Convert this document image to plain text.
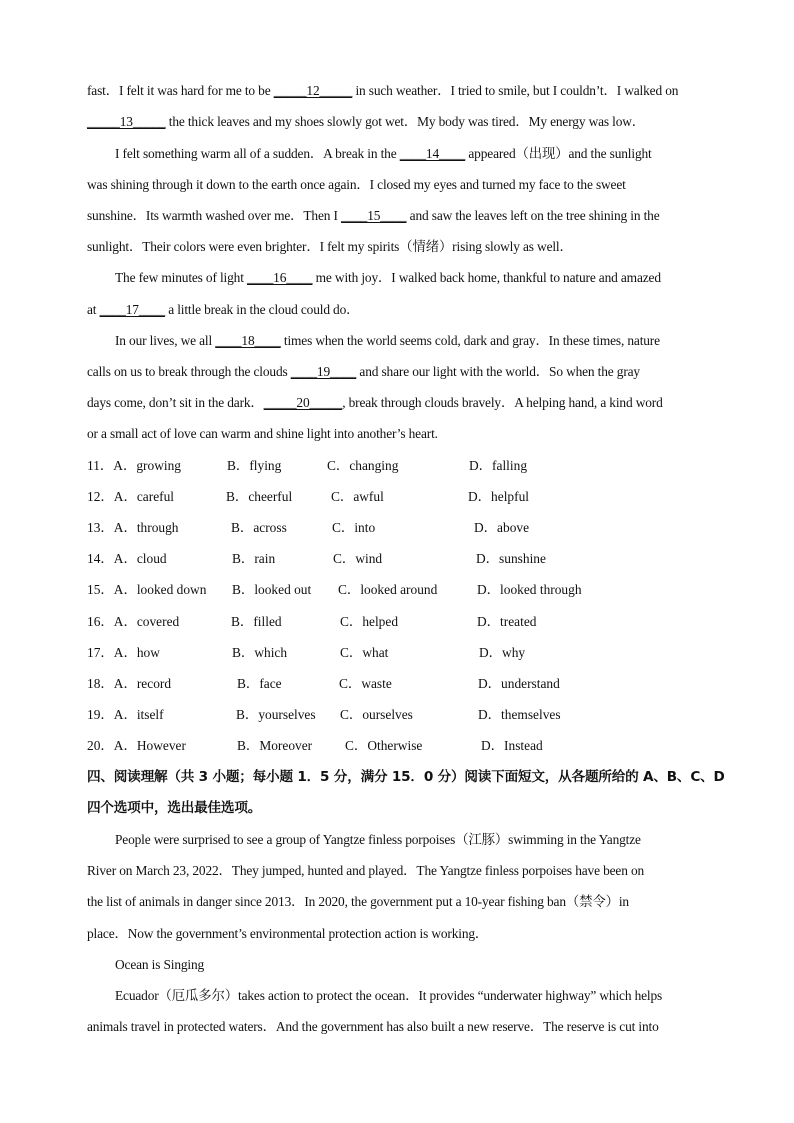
fast．I felt it was hard for me to be _____12_____ in such weather．I tried to smile, but I couldn’t．I walked on
_____13_____ the thick leaves and my shoes slowly got wet．My body was tired．My energy was low．
I felt something warm all of a sudden．A break in the ____14____ appeared（出现）and the sunlight
was shining through it down to the earth once again．I closed my eyes and turned my face to the sweet
sunshine．Its warmth washed over me．Then I ____15____ and saw the leaves left on the tree shining in the
sunlight．Their colors were even brighter．I felt my spirits（情绪）rising slowly as well．
The few minutes of light ____16____ me with joy．I walked back home, thankful to nature and amazed
at ____17____ a little break in the cloud could do．
In our lives, we all ____18____ times when the world seems cold, dark and gray．In these times, nature
calls on us to break through the clouds ____19____ and share our light with the world．So when the gray
days come, don’t sit in the dark．_____20_____, break through clouds bravely．A helping hand, a kind word
or a small act of love can warm and shine light into another’s heart.
11．A．growing	B．flying	C．changing	D．falling
12．A．careful	B．cheerful	C．awful	D．helpful
13．A．through	B．across	C．into	D．above
14．A．cloud	B．rain	C．wind	D．sunshine
15．A．looked down B．looked out C．looked around	D．looked through
16．A．covered	B．filled	C．helped	D．treated
17．A．how	B．which	C．what	D．why
18．A．record	B．face	C．waste	D．understand
19．A．itself	B．yourselves C．ourselves	D．themselves
20．A．However	B．Moreover C．Otherwise	D．Instead
四、阅读理解（共 3 小题；每小题 1．5 分，满分 15．0 分）阅读下面短文，从各题所给的 A、B、C、D
四个选项中，选出最佳选项。
People were surprised to see a group of Yangtze finless porpoises（江豚）swimming in the Yangtze
River on March 23, 2022．They jumped, hunted and played．The Yangtze finless porpoises have been on
the list of animals in danger since 2013．In 2020, the government put a 10-year fishing ban（禁令）in
place．Now the government’s environmental protection action is working．
Ocean is Singing
Ecuador（厄瓜多尔）takes action to protect the ocean．It provides “underwater highway” which helps
animals travel in protected waters．And the government has also built a new reserve．The reserve is cut into
